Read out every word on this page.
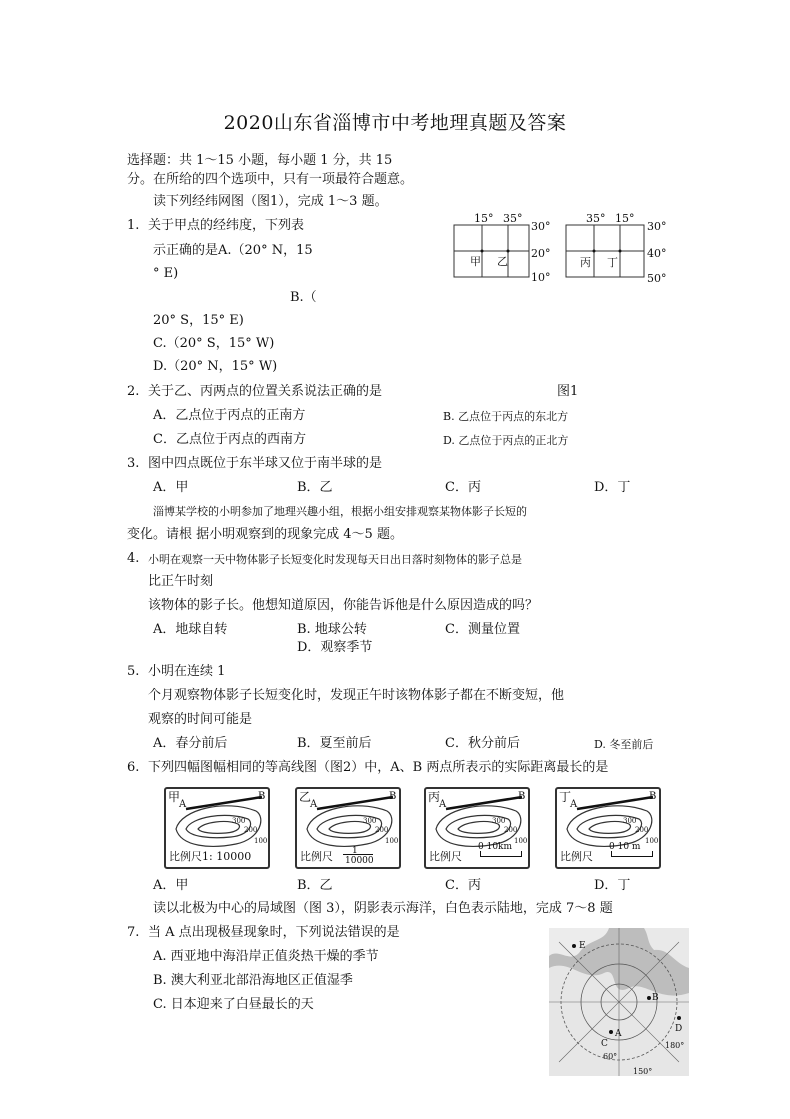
2020山东省淄博市中考地理真题及答案
选择题：共 1～15 小题，每小题 1 分，共 15
分。在所给的四个选项中，只有一项最符合题意。
读下列经纬网图（图1），完成 1～3 题。
15° 35°
30°
20°
10°
35° 15°
30°
40°
50°
甲 乙	丙 丁
图1
1. 关于甲点的经纬度，下列表
示正确的是A.（20° N，15
° E)
B.（
20° S，15° E)
C.（20° S，15° W)
D.（20° N，15° W)
2. 关于乙、丙两点的位置关系说法正确的是
A．乙点位于丙点的正南方	B. 乙点位于丙点的东北方
C．乙点位于丙点的西南方	D. 乙点位于丙点的正北方
3. 图中四点既位于东半球又位于南半球的是
A．甲	B．乙	C．丙	D．丁
淄博某学校的小明参加了地理兴趣小组，根据小组安排观察某物体影子长短的
变化。请根 据小明观察到的现象完成 4～5 题。
4. 小明在观察一天中物体影子长短变化时发现每天日出日落时刻物体的影子总是
比正午时刻
该物体的影子长。他想知道原因，你能告诉他是什么原因造成的吗？
A．地球自转	B. 地球公转	C．测量位置
D．观察季节
5. 小明在连续 1
个月观察物体影子长短变化时，发现正午时该物体影子都在不断变短，他
观察的时间可能是
A．春分前后	B．夏至前后	C．秋分前后	D. 冬至前后
6. 下列四幅图幅相同的等高线图（图2）中，A、B 两点所表示的实际距离最长的是
甲
A
B
300
200
100
比例尺1: 10000
乙
A
B
300
200
100
比例尺 1
10000
丙
A
B
300
200
100
比例尺
0 10km
丁
A
B
300
200
100
比例尺
0 10 m
A．甲	B．乙	C．丙	D．丁
读以北极为中心的局域图（图 3），阴影表示海洋，白色表示陆地，完成 7～8 题
7. 当 A 点出现极昼现象时，下列说法错误的是
A. 西亚地中海沿岸正值炎热干燥的季节
B. 澳大利亚北部沿海地区正值湿季
C. 日本迎来了白昼最长的天
E
B
A
C
D
60°
180°
150°
